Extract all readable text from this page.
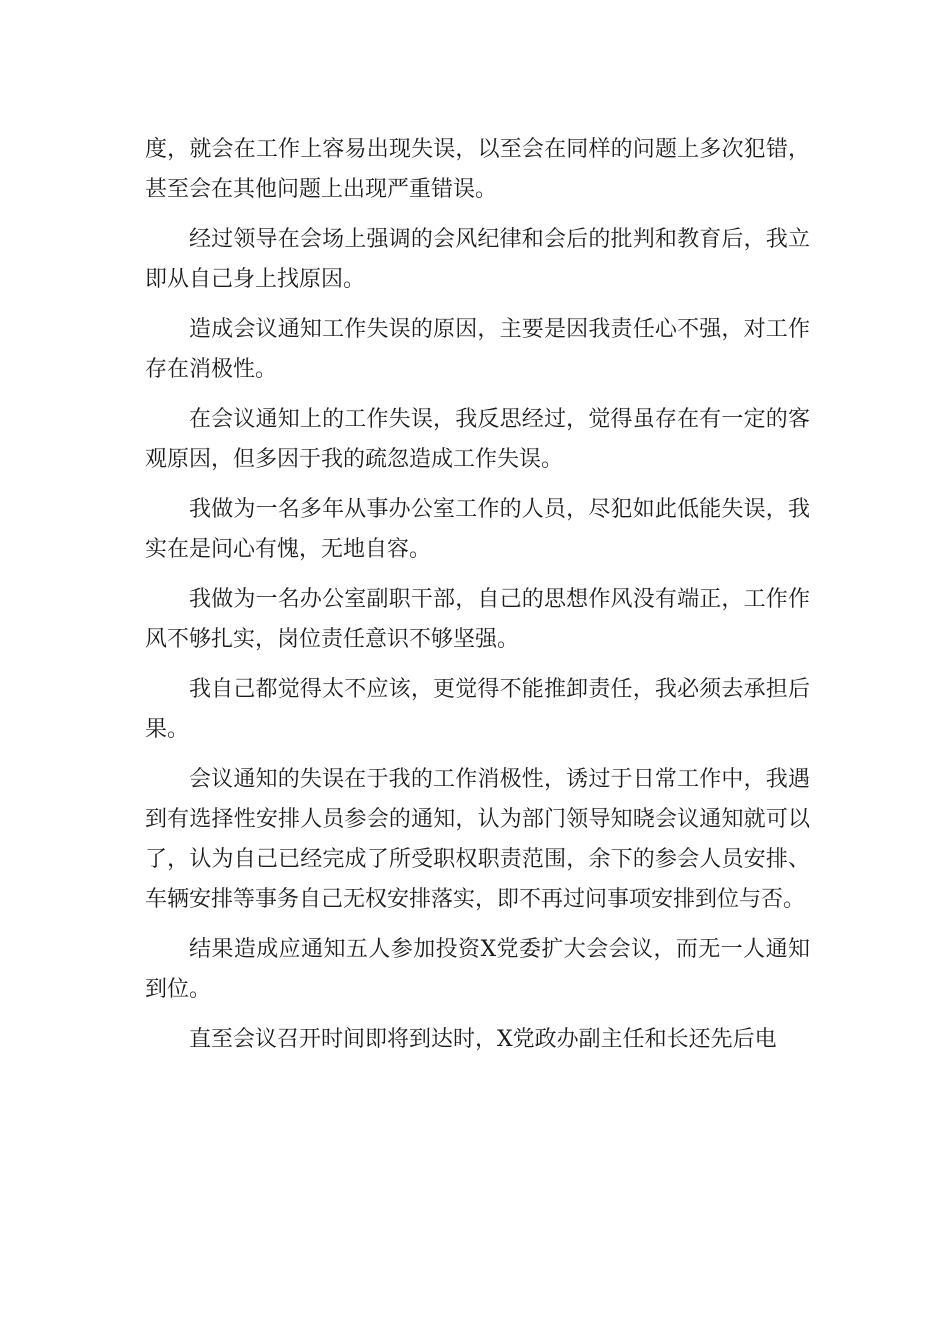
度，就会在工作上容易出现失误，以至会在同样的问题上多次犯错，甚至会在其他问题上出现严重错误。

经过领导在会场上强调的会风纪律和会后的批判和教育后，我立即从自己身上找原因。

造成会议通知工作失误的原因，主要是因我责任心不强，对工作存在消极性。

在会议通知上的工作失误，我反思经过，觉得虽存在有一定的客观原因，但多因于我的疏忽造成工作失误。

我做为一名多年从事办公室工作的人员，尽犯如此低能失误，我实在是问心有愧，无地自容。

我做为一名办公室副职干部，自己的思想作风没有端正，工作作风不够扎实，岗位责任意识不够坚强。

我自己都觉得太不应该，更觉得不能推卸责任，我必须去承担后果。

会议通知的失误在于我的工作消极性，诱过于日常工作中，我遇到有选择性安排人员参会的通知，认为部门领导知晓会议通知就可以了，认为自己已经完成了所受职权职责范围，余下的参会人员安排、车辆安排等事务自己无权安排落实，即不再过问事项安排到位与否。

结果造成应通知五人参加投资X党委扩大会会议，而无一人通知到位。

直至会议召开时间即将到达时，X党政办副主任和长还先后电
